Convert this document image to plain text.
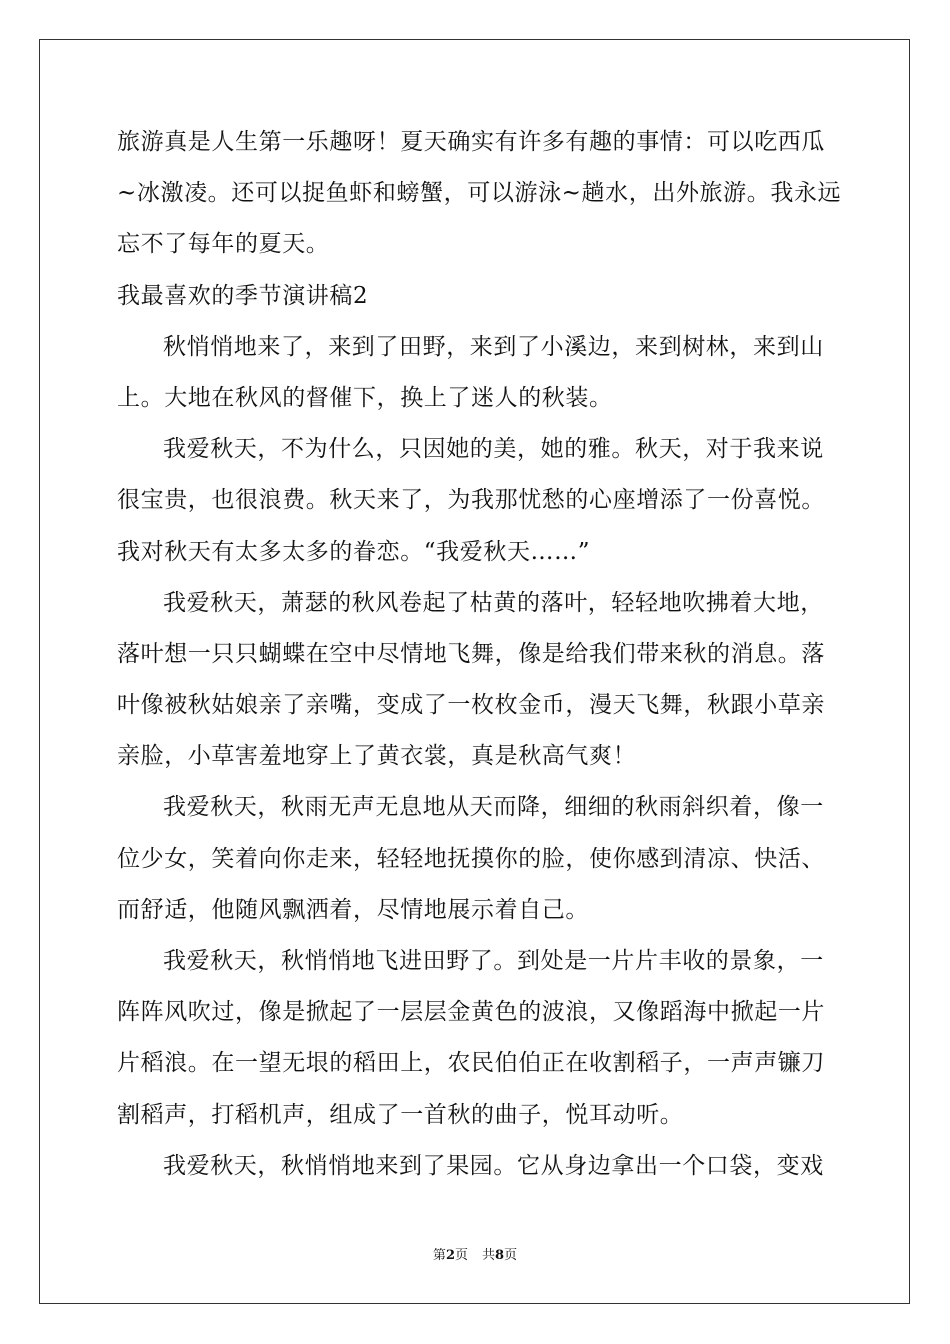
旅游真是人生第一乐趣呀！夏天确实有许多有趣的事情：可以吃西瓜
~冰激凌。还可以捉鱼虾和螃蟹，可以游泳~趟水，出外旅游。我永远
忘不了每年的夏天。
我最喜欢的季节演讲稿2
秋悄悄地来了，来到了田野，来到了小溪边，来到树林，来到山
上。大地在秋风的督催下，换上了迷人的秋装。
我爱秋天，不为什么，只因她的美，她的雅。秋天，对于我来说
很宝贵，也很浪费。秋天来了，为我那忧愁的心座增添了一份喜悦。
我对秋天有太多太多的眷恋。“我爱秋天……”
我爱秋天，萧瑟的秋风卷起了枯黄的落叶，轻轻地吹拂着大地，
落叶想一只只蝴蝶在空中尽情地飞舞，像是给我们带来秋的消息。落
叶像被秋姑娘亲了亲嘴，变成了一枚枚金币，漫天飞舞，秋跟小草亲
亲脸，小草害羞地穿上了黄衣裳，真是秋高气爽！
我爱秋天，秋雨无声无息地从天而降，细细的秋雨斜织着，像一
位少女，笑着向你走来，轻轻地抚摸你的脸，使你感到清凉、快活、
而舒适，他随风飘洒着，尽情地展示着自己。
我爱秋天，秋悄悄地飞进田野了。到处是一片片丰收的景象，一
阵阵风吹过，像是掀起了一层层金黄色的波浪，又像蹈海中掀起一片
片稻浪。在一望无垠的稻田上，农民伯伯正在收割稻子，一声声镰刀
割稻声，打稻机声，组成了一首秋的曲子，悦耳动听。
我爱秋天，秋悄悄地来到了果园。它从身边拿出一个口袋，变戏
第2页 共8页
